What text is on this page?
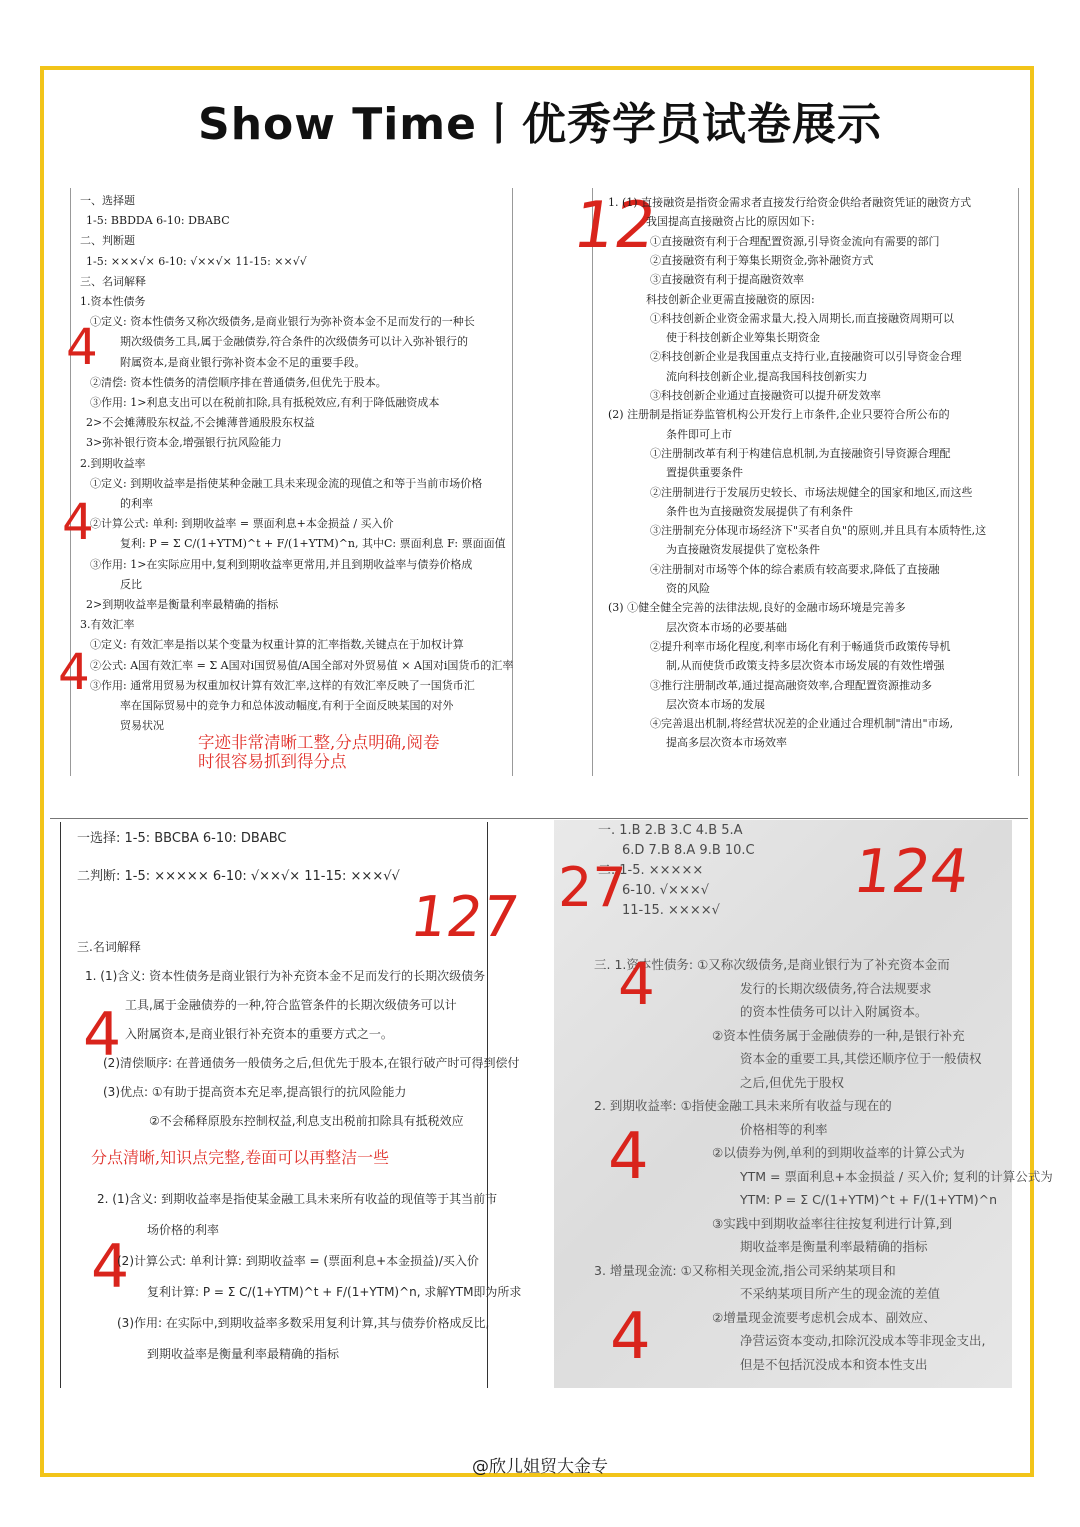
Show Time丨优秀学员试卷展示
一、选择题
1-5: BBDDA 6-10: DBABC
二、判断题
1-5: ×××√× 6-10: √××√× 11-15: ××√√
三、名词解释
1.资本性债务
①定义: 资本性债务又称次级债务,是商业银行为弥补资本金不足而发行的一种长
期次级债务工具,属于金融债券,符合条件的次级债务可以计入弥补银行的
附属资本,是商业银行弥补资本金不足的重要手段。
②清偿: 资本性债务的清偿顺序排在普通债务,但优先于股本。
③作用: 1>利息支出可以在税前扣除,具有抵税效应,有利于降低融资成本
2>不会摊薄股东权益,不会摊薄普通股股东权益
3>弥补银行资本金,增强银行抗风险能力
2.到期收益率
①定义: 到期收益率是指使某种金融工具未来现金流的现值之和等于当前市场价格
的利率
②计算公式: 单利: 到期收益率 = 票面利息+本金损益 / 买入价
复利: P = Σ C/(1+YTM)^t + F/(1+YTM)^n, 其中C: 票面利息 F: 票面面值
③作用: 1>在实际应用中,复利到期收益率更常用,并且到期收益率与债券价格成
反比
2>到期收益率是衡量利率最精确的指标
3.有效汇率
①定义: 有效汇率是指以某个变量为权重计算的汇率指数,关键点在于加权计算
②公式: A国有效汇率 = Σ A国对i国贸易值/A国全部对外贸易值 × A国对i国货币的汇率
③作用: 通常用贸易为权重加权计算有效汇率,这样的有效汇率反映了一国货币汇
率在国际贸易中的竞争力和总体波动幅度,有利于全面反映某国的对外
贸易状况
4
4
4
字迹非常清晰工整,分点明确,阅卷
时很容易抓到得分点
12
1. (1) 直接融资是指资金需求者直接发行给资金供给者融资凭证的融资方式
我国提高直接融资占比的原因如下:
①直接融资有利于合理配置资源,引导资金流向有需要的部门
②直接融资有利于筹集长期资金,弥补融资方式
③直接融资有利于提高融资效率
科技创新企业更需直接融资的原因:
①科技创新企业资金需求量大,投入周期长,而直接融资周期可以
使于科技创新企业筹集长期资金
②科技创新企业是我国重点支持行业,直接融资可以引导资金合理
流向科技创新企业,提高我国科技创新实力
③科技创新企业通过直接融资可以提升研发效率
(2) 注册制是指证券监管机构公开发行上市条件,企业只要符合所公布的
条件即可上市
①注册制改革有利于构建信息机制,为直接融资引导资源合理配
置提供重要条件
②注册制进行于发展历史较长、市场法规健全的国家和地区,而这些
条件也为直接融资发展提供了有利条件
③注册制充分体现市场经济下"买者自负"的原则,并且具有本质特性,这
为直接融资发展提供了宽松条件
④注册制对市场等个体的综合素质有较高要求,降低了直接融
资的风险
(3) ①健全健全完善的法律法规,良好的金融市场环境是完善多
层次资本市场的必要基础
②提升利率市场化程度,利率市场化有利于畅通货币政策传导机
制,从而使货币政策支持多层次资本市场发展的有效性增强
③推行注册制改革,通过提高融资效率,合理配置资源推动多
层次资本市场的发展
④完善退出机制,将经营状况差的企业通过合理机制"清出"市场,
提高多层次资本市场效率
一选择: 1-5: BBCBA 6-10: DBABC
二判断: 1-5: ××××× 6-10: √××√× 11-15: ×××√√
127
三.名词解释
1. (1)含义: 资本性债务是商业银行为补充资本金不足而发行的长期次级债务
工具,属于金融债券的一种,符合监管条件的长期次级债务可以计
入附属资本,是商业银行补充资本的重要方式之一。
(2)清偿顺序: 在普通债务一般债务之后,但优先于股本,在银行破产时可得到偿付
(3)优点: ①有助于提高资本充足率,提高银行的抗风险能力
②不会稀释原股东控制权益,利息支出税前扣除具有抵税效应
4
4
分点清晰,知识点完整,卷面可以再整洁一些
2. (1)含义: 到期收益率是指使某金融工具未来所有收益的现值等于其当前市
场价格的利率
(2)计算公式: 单利计算: 到期收益率 = (票面利息+本金损益)/买入价
复利计算: P = Σ C/(1+YTM)^t + F/(1+YTM)^n, 求解YTM即为所求
(3)作用: 在实际中,到期收益率多数采用复利计算,其与债券价格成反比,
到期收益率是衡量利率最精确的指标
一. 1.B 2.B 3.C 4.B 5.A
6.D 7.B 8.A 9.B 10.C
二. 1-5. ×××××
6-10. √×××√
11-15. ××××√
124
27
三. 1.资本性债务: ①又称次级债务,是商业银行为了补充资本金而
发行的长期次级债务,符合法规要求
的资本性债务可以计入附属资本。
②资本性债务属于金融债券的一种,是银行补充
资本金的重要工具,其偿还顺序位于一般债权
之后,但优先于股权
2. 到期收益率: ①指使金融工具未来所有收益与现在的
价格相等的利率
②以债券为例,单利的到期收益率的计算公式为
YTM = 票面利息+本金损益 / 买入价; 复利的计算公式为
YTM: P = Σ C/(1+YTM)^t + F/(1+YTM)^n
③实践中到期收益率往往按复利进行计算,到
期收益率是衡量利率最精确的指标
3. 增量现金流: ①又称相关现金流,指公司采纳某项目和
不采纳某项目所产生的现金流的差值
②增量现金流要考虑机会成本、副效应、
净营运资本变动,扣除沉没成本等非现金支出,
但是不包括沉没成本和资本性支出
4
4
4
@欣儿姐贸大金专
